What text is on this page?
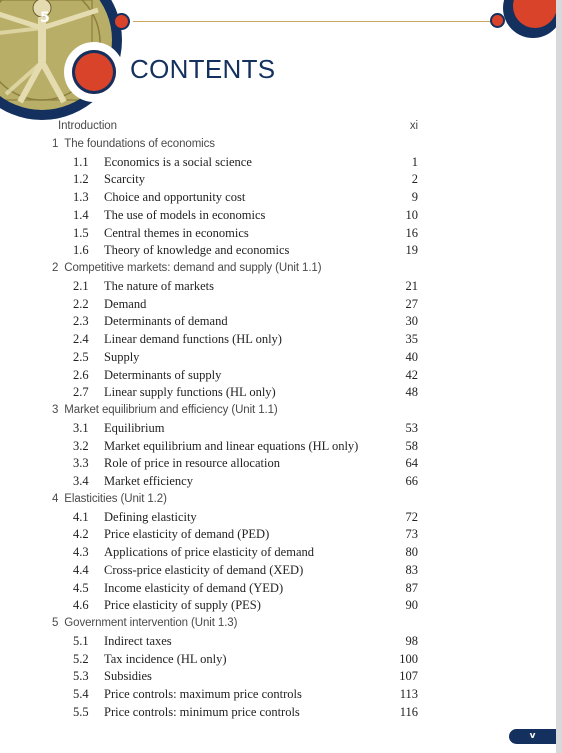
5
CONTENTS
Introduction	xi
1 The foundations of economics
1.1 Economics is a social science	1
1.2 Scarcity	2
1.3 Choice and opportunity cost	9
1.4 The use of models in economics	10
1.5 Central themes in economics	16
1.6 Theory of knowledge and economics	19
2 Competitive markets: demand and supply (Unit 1.1)
2.1 The nature of markets	21
2.2 Demand	27
2.3 Determinants of demand	30
2.4 Linear demand functions (HL only)	35
2.5 Supply	40
2.6 Determinants of supply	42
2.7 Linear supply functions (HL only)	48
3 Market equilibrium and efficiency (Unit 1.1)
3.1 Equilibrium	53
3.2 Market equilibrium and linear equations (HL only)	58
3.3 Role of price in resource allocation	64
3.4 Market efficiency	66
4 Elasticities (Unit 1.2)
4.1 Defining elasticity	72
4.2 Price elasticity of demand (PED)	73
4.3 Applications of price elasticity of demand	80
4.4 Cross-price elasticity of demand (XED)	83
4.5 Income elasticity of demand (YED)	87
4.6 Price elasticity of supply (PES)	90
5 Government intervention (Unit 1.3)
5.1 Indirect taxes	98
5.2 Tax incidence (HL only)	100
5.3 Subsidies	107
5.4 Price controls: maximum price controls	113
5.5 Price controls: minimum price controls	116
v
